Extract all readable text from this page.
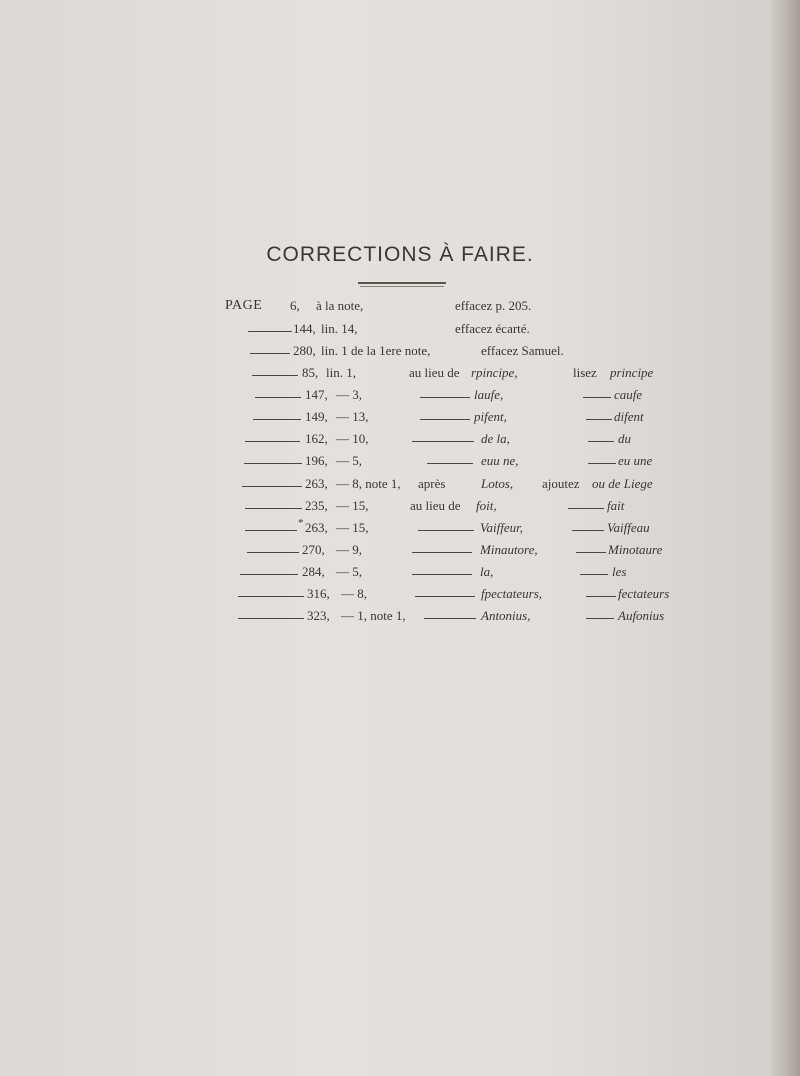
CORRECTIONS À FAIRE.
PAGE 6, à la note,	effacez p. 205.
144, lin. 14,	effacez écarté.
280, lin. 1 de la 1ere note,	effacez Samuel.
85, lin. 1,	au lieu de rpincipe,	lisez principe
147, — 3,	laufe,	caufe
149, — 13,	pifent,	difent
162, — 10,	de la,	du
196, — 5,	euu ne,	eu une
263, — 8, note 1, après	Lotos, ajoutez ou de Liege
235, — 15,	au lieu de foit,	fait
* 263, — 15,	Vaiffeur,	Vaiffeau
270, — 9,	Minautore,	Minotaure
284, — 5,	la,	les
316, — 8,	fpectateurs,	fectateurs
323, — 1, note 1,	Antonius,	Aufonius
